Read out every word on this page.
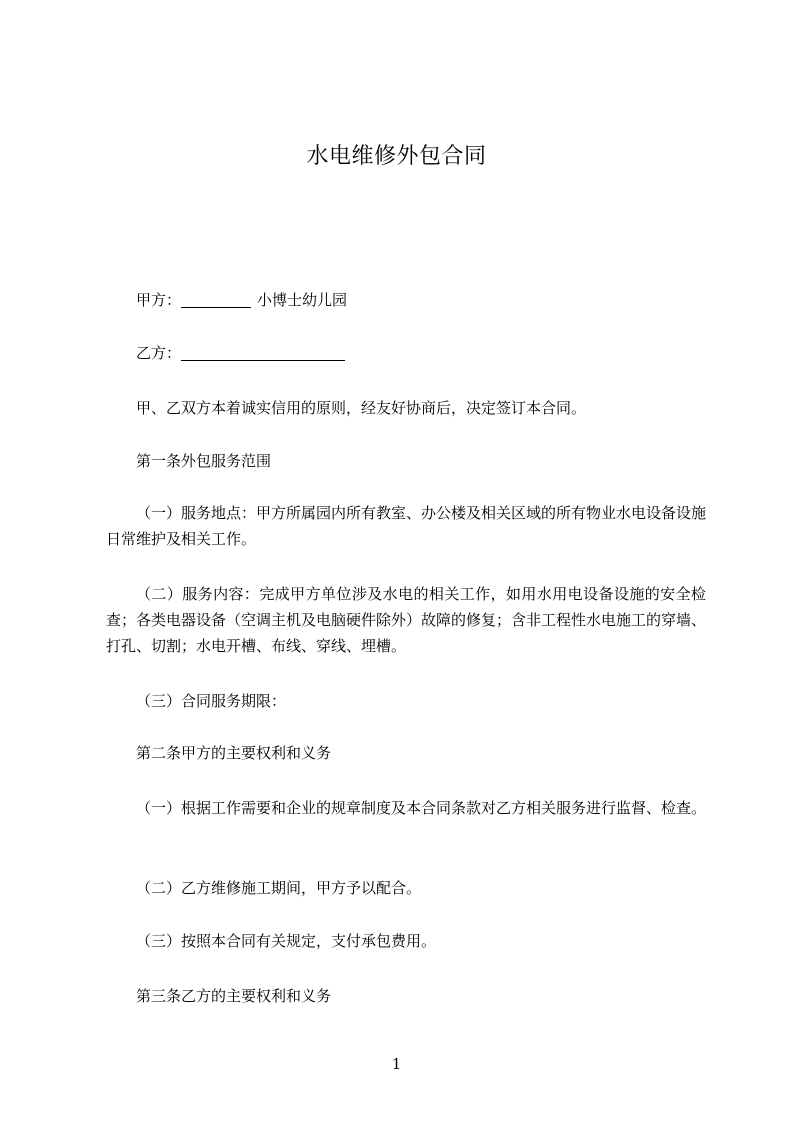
水电维修外包合同
甲方：	小博士幼儿园
乙方：
甲、乙双方本着诚实信用的原则，经友好协商后，决定签订本合同。
第一条外包服务范围
（一）服务地点：甲方所属园内所有教室、办公楼及相关区域的所有物业水电设备设施日常维护及相关工作。
（二）服务内容：完成甲方单位涉及水电的相关工作，如用水用电设备设施的安全检查；各类电器设备（空调主机及电脑硬件除外）故障的修复；含非工程性水电施工的穿墙、打孔、切割；水电开槽、布线、穿线、埋槽。
（三）合同服务期限：
第二条甲方的主要权利和义务
（一）根据工作需要和企业的规章制度及本合同条款对乙方相关服务进行监督、检查。
（二）乙方维修施工期间，甲方予以配合。
（三）按照本合同有关规定，支付承包费用。
第三条乙方的主要权利和义务
1
